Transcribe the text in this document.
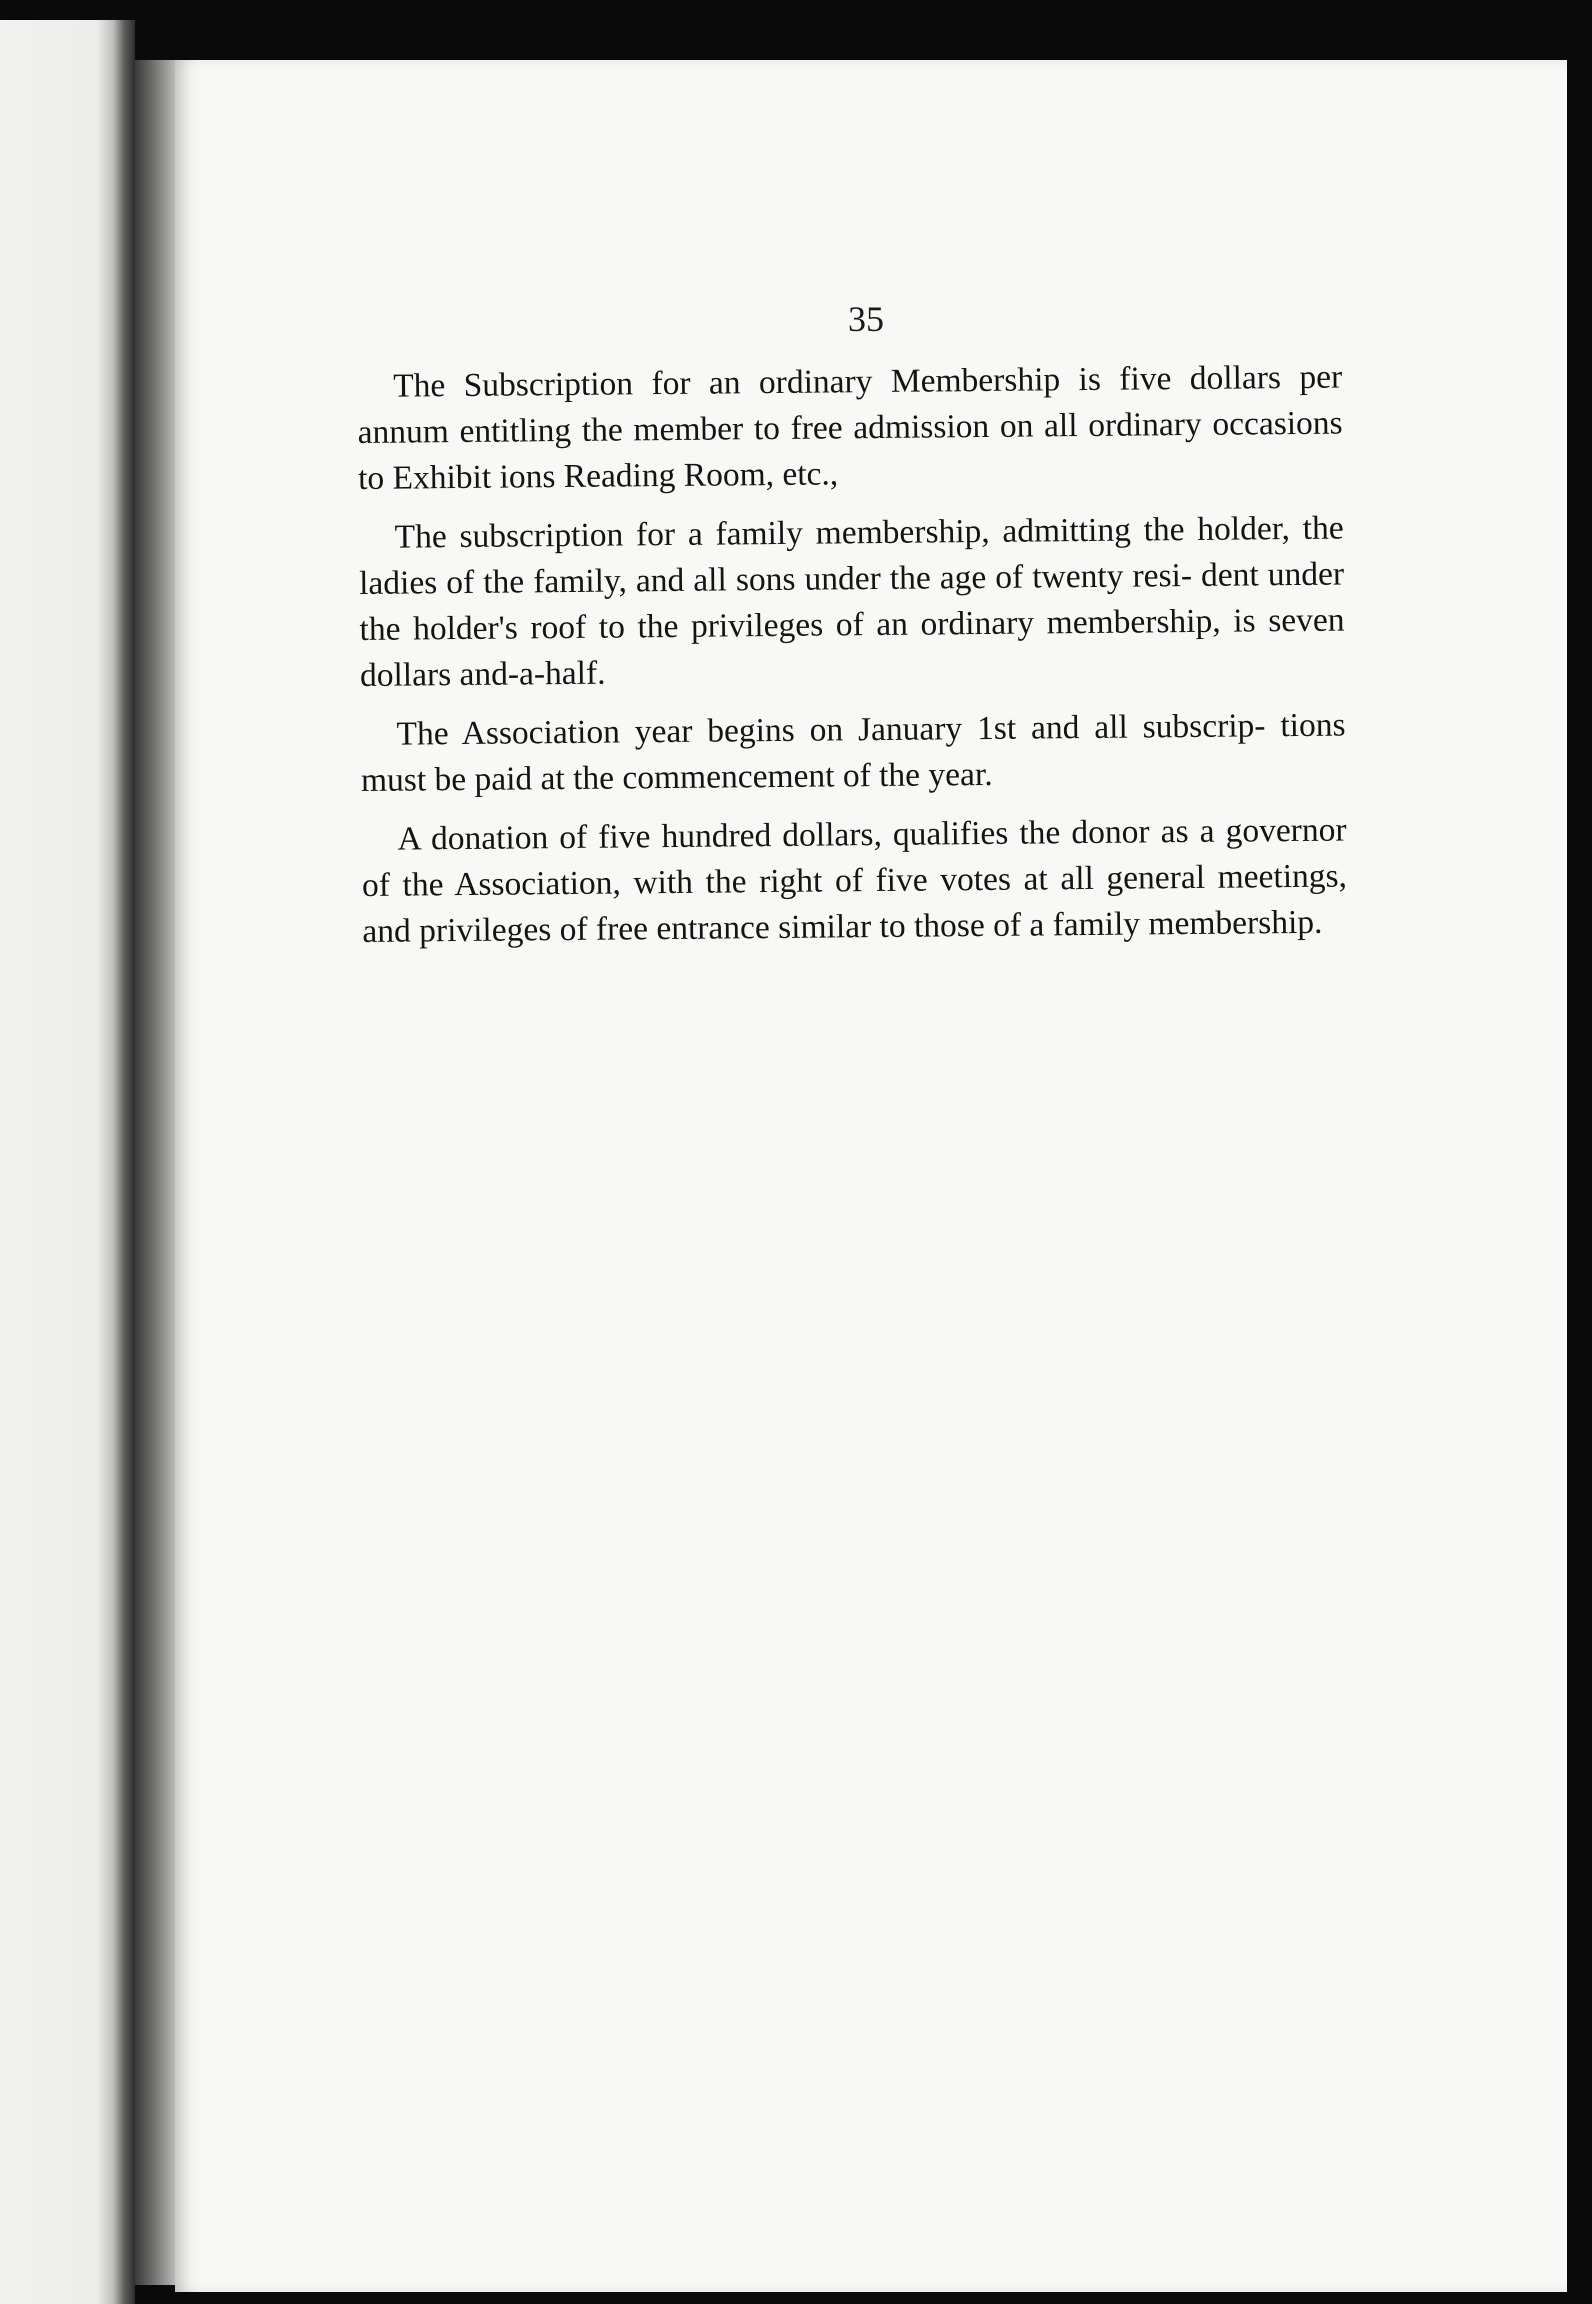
35

The Subscription for an ordinary Membership is five dollars per annum entitling the member to free admission on all ordinary occasions to Exhibit ions Reading Room, etc.,

The subscription for a family membership, admitting the holder, the ladies of the family, and all sons under the age of twenty resi- dent under the holder's roof to the privileges of an ordinary membership, is seven dollars and-a-half.

The Association year begins on January 1st and all subscrip- tions must be paid at the commencement of the year.

A donation of five hundred dollars, qualifies the donor as a governor of the Association, with the right of five votes at all general meetings, and privileges of free entrance similar to those of a family membership.
